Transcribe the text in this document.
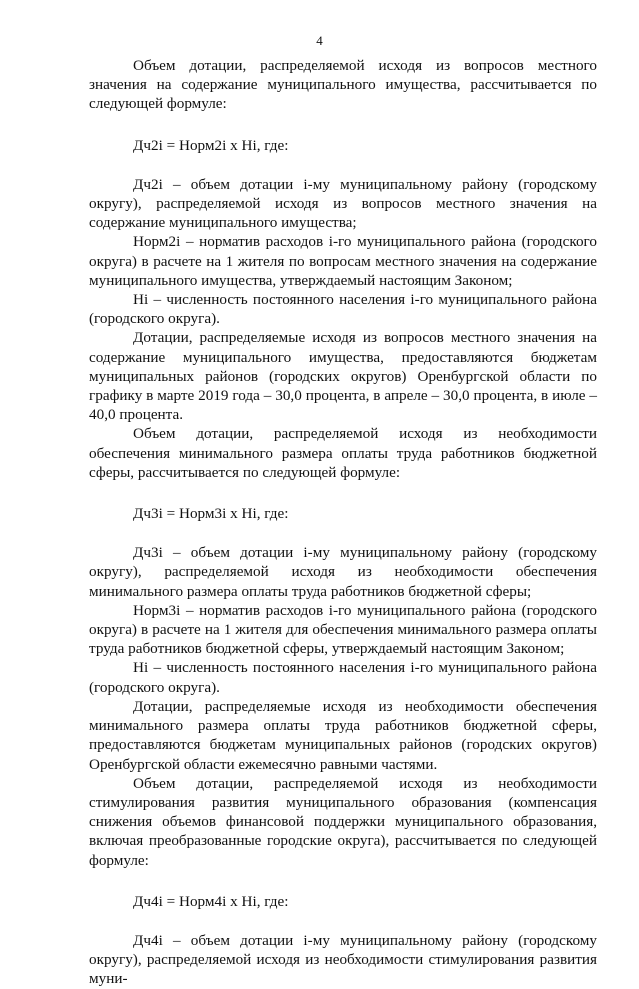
4

Объем дотации, распределяемой исходя из вопросов местного значения на содержание муниципального имущества, рассчитывается по следующей формуле:

Дч2i = Норм2i х Нi, где:

Дч2i – объем дотации i-му муниципальному району (городскому округу), распределяемой исходя из вопросов местного значения на содержание муниципального имущества;

Норм2i – норматив расходов i-го муниципального района (городского округа) в расчете на 1 жителя по вопросам местного значения на содержание муниципального имущества, утверждаемый настоящим Законом;

Нi – численность постоянного населения i-го муниципального района (городского округа).

Дотации, распределяемые исходя из вопросов местного значения на содержание муниципального имущества, предоставляются бюджетам муниципальных районов (городских округов) Оренбургской области по графику в марте 2019 года – 30,0 процента, в апреле – 30,0 процента, в июле – 40,0 процента.

Объем дотации, распределяемой исходя из необходимости обеспечения минимального размера оплаты труда работников бюджетной сферы, рассчитывается по следующей формуле:

Дч3i = Норм3i х Нi, где:

Дч3i – объем дотации i-му муниципальному району (городскому округу), распределяемой исходя из необходимости обеспечения минимального размера оплаты труда работников бюджетной сферы;

Норм3i – норматив расходов i-го муниципального района (городского округа) в расчете на 1 жителя для обеспечения минимального размера оплаты труда работников бюджетной сферы, утверждаемый настоящим Законом;

Нi – численность постоянного населения i-го муниципального района (городского округа).

Дотации, распределяемые исходя из необходимости обеспечения минимального размера оплаты труда работников бюджетной сферы, предоставляются бюджетам муниципальных районов (городских округов) Оренбургской области ежемесячно равными частями.

Объем дотации, распределяемой исходя из необходимости стимулирования развития муниципального образования (компенсация снижения объемов финансовой поддержки муниципального образования, включая преобразованные городские округа), рассчитывается по следующей формуле:

Дч4i = Норм4i х Нi, где:

Дч4i – объем дотации i-му муниципальному району (городскому округу), распределяемой исходя из необходимости стимулирования развития муни-
